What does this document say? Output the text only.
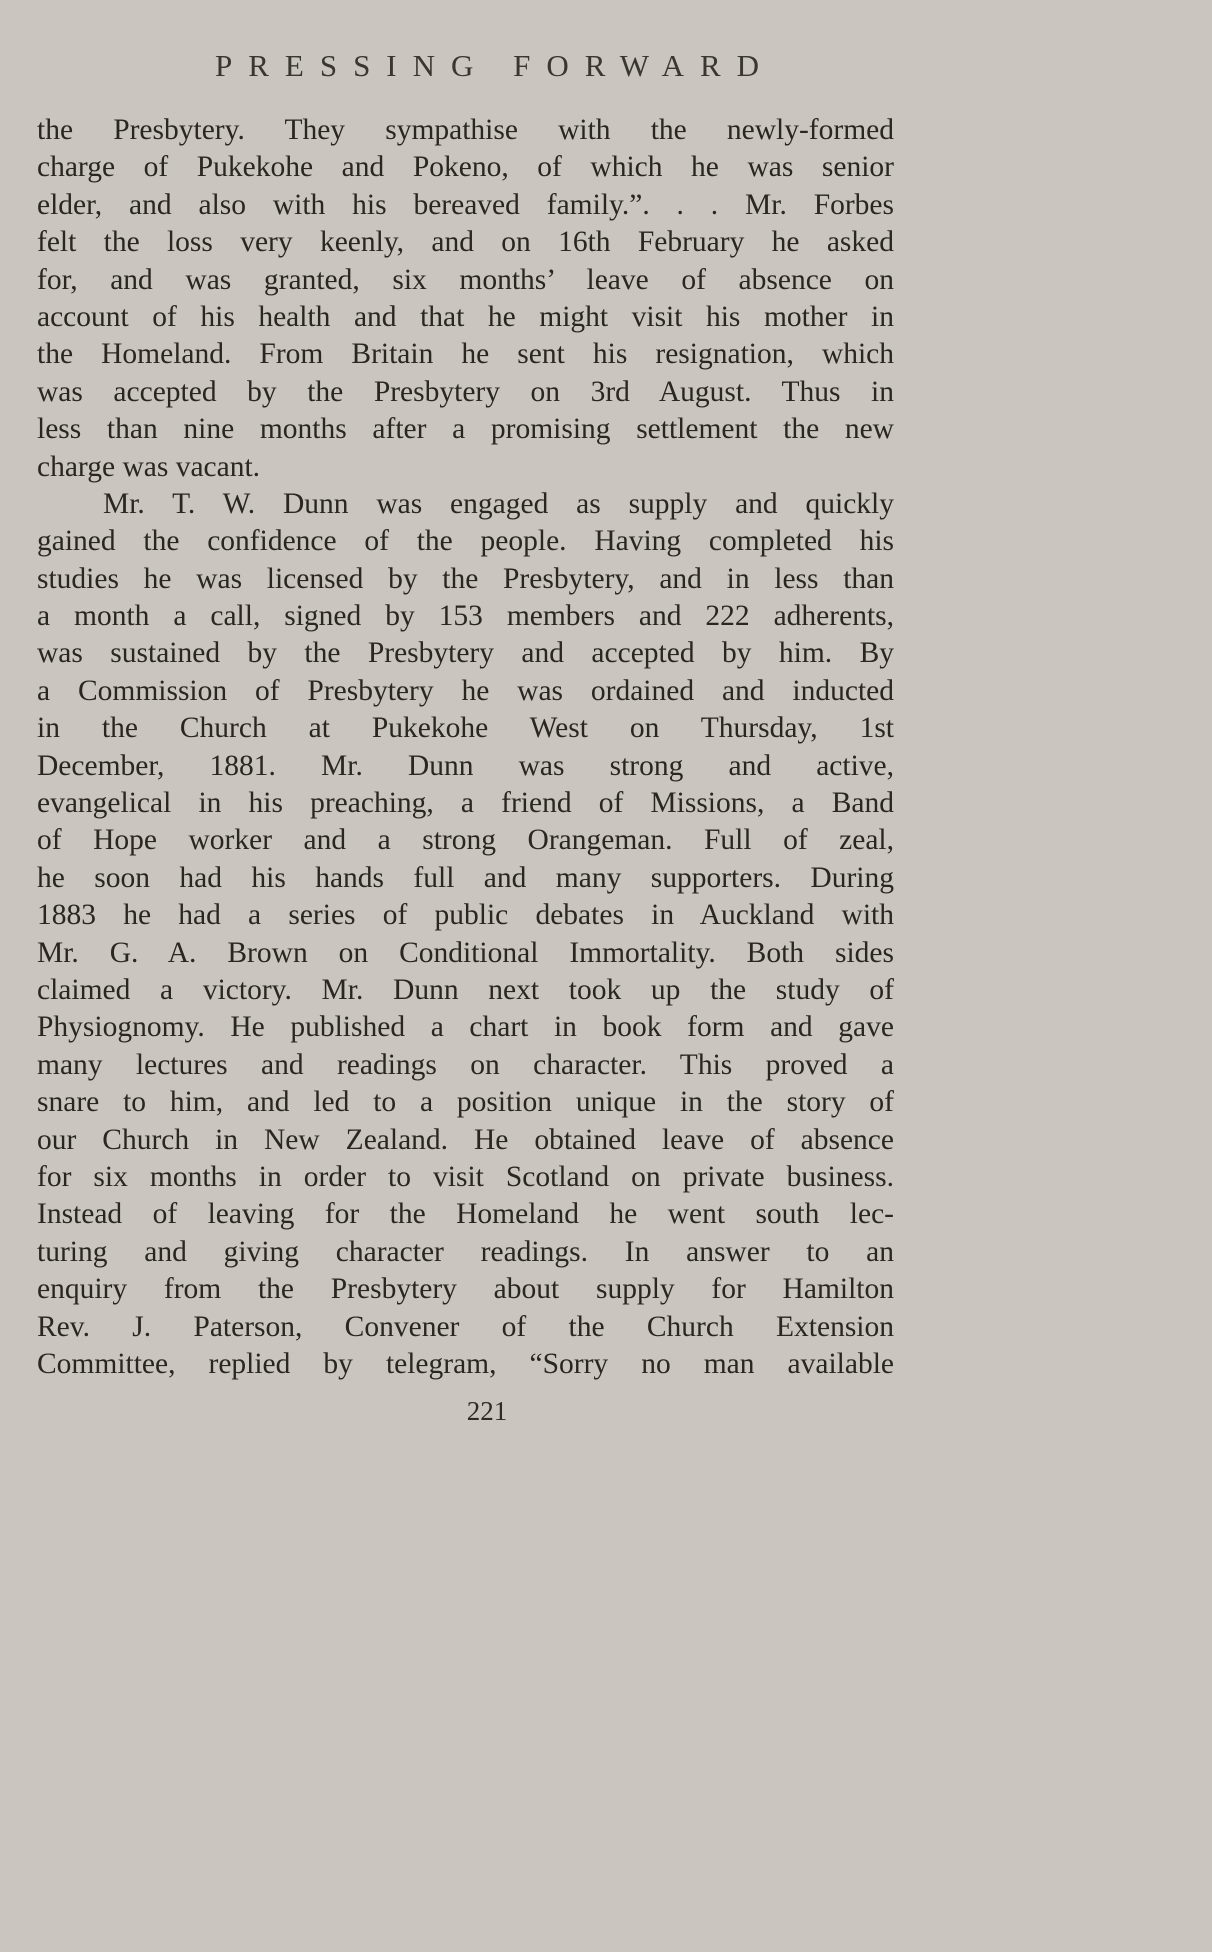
PRESSING FORWARD
the Presbytery. They sympathise with the newly-formed
charge of Pukekohe and Pokeno, of which he was senior
elder, and also with his bereaved family.”. . . Mr. Forbes
felt the loss very keenly, and on 16th February he asked
for, and was granted, six months’ leave of absence on
account of his health and that he might visit his mother in
the Homeland. From Britain he sent his resignation, which
was accepted by the Presbytery on 3rd August. Thus in
less than nine months after a promising settlement the new
charge was vacant.
Mr. T. W. Dunn was engaged as supply and quickly
gained the confidence of the people. Having completed his
studies he was licensed by the Presbytery, and in less than
a month a call, signed by 153 members and 222 adherents,
was sustained by the Presbytery and accepted by him. By
a Commission of Presbytery he was ordained and inducted
in the Church at Pukekohe West on Thursday, 1st
December, 1881. Mr. Dunn was strong and active,
evangelical in his preaching, a friend of Missions, a Band
of Hope worker and a strong Orangeman. Full of zeal,
he soon had his hands full and many supporters. During
1883 he had a series of public debates in Auckland with
Mr. G. A. Brown on Conditional Immortality. Both sides
claimed a victory. Mr. Dunn next took up the study of
Physiognomy. He published a chart in book form and gave
many lectures and readings on character. This proved a
snare to him, and led to a position unique in the story of
our Church in New Zealand. He obtained leave of absence
for six months in order to visit Scotland on private business.
Instead of leaving for the Homeland he went south lec-
turing and giving character readings. In answer to an
enquiry from the Presbytery about supply for Hamilton
Rev. J. Paterson, Convener of the Church Extension
Committee, replied by telegram, “Sorry no man available
221
